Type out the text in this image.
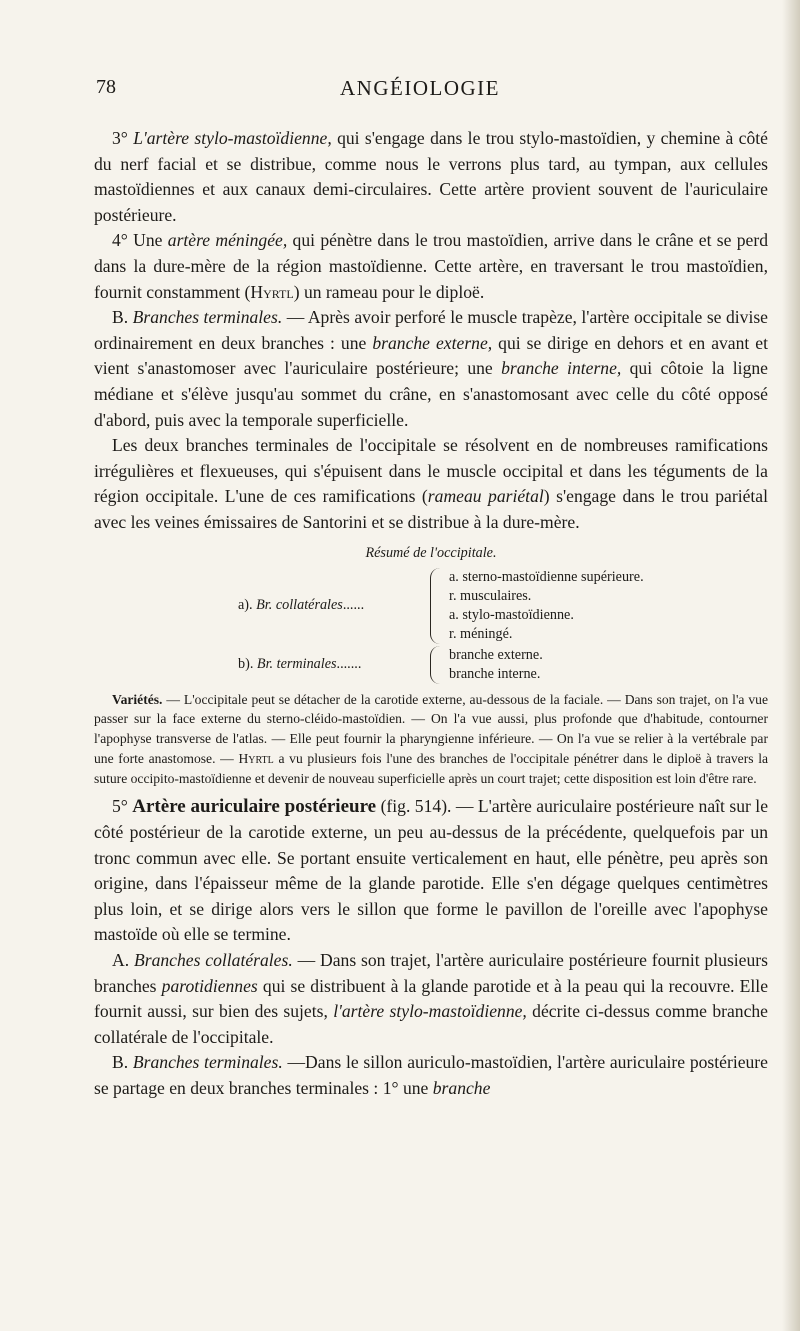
78	ANGÉIOLOGIE

3° L'artère stylo-mastoïdienne, qui s'engage dans le trou stylo-mastoïdien, y chemine à côté du nerf facial et se distribue, comme nous le verrons plus tard, au tympan, aux cellules mastoïdiennes et aux canaux demi-circulaires. Cette artère provient souvent de l'auriculaire postérieure.

4° Une artère méningée, qui pénètre dans le trou mastoïdien, arrive dans le crâne et se perd dans la dure-mère de la région mastoïdienne. Cette artère, en traversant le trou mastoïdien, fournit constamment (Hyrtl) un rameau pour le diploë.

B. Branches terminales. — Après avoir perforé le muscle trapèze, l'artère occipitale se divise ordinairement en deux branches : une branche externe, qui se dirige en dehors et en avant et vient s'anastomoser avec l'auriculaire postérieure; une branche interne, qui côtoie la ligne médiane et s'élève jusqu'au sommet du crâne, en s'anastomosant avec celle du côté opposé d'abord, puis avec la temporale superficielle.

Les deux branches terminales de l'occipitale se résolvent en de nombreuses ramifications irrégulières et flexueuses, qui s'épuisent dans le muscle occipital et dans les téguments de la région occipitale. L'une de ces ramifications (rameau pariétal) s'engage dans le trou pariétal avec les veines émissaires de Santorini et se distribue à la dure-mère.

Résumé de l'occipitale.
a). Br. collatérales......
a. sterno-mastoïdienne supérieure.
r. musculaires.
a. stylo-mastoïdienne.
r. méningé.
b). Br. terminales.......
branche externe.
branche interne.

Variétés. — L'occipitale peut se détacher de la carotide externe, au-dessous de la faciale. — Dans son trajet, on l'a vue passer sur la face externe du sterno-cléido-mastoïdien. — On l'a vue aussi, plus profonde que d'habitude, contourner l'apophyse transverse de l'atlas. — Elle peut fournir la pharyngienne inférieure. — On l'a vue se relier à la vertébrale par une forte anastomose. — Hyrtl a vu plusieurs fois l'une des branches de l'occipitale pénétrer dans le diploë à travers la suture occipito-mastoïdienne et devenir de nouveau superficielle après un court trajet; cette disposition est loin d'être rare.

5° Artère auriculaire postérieure (fig. 514). — L'artère auriculaire postérieure naît sur le côté postérieur de la carotide externe, un peu au-dessus de la précédente, quelquefois par un tronc commun avec elle. Se portant ensuite verticalement en haut, elle pénètre, peu après son origine, dans l'épaisseur même de la glande parotide. Elle s'en dégage quelques centimètres plus loin, et se dirige alors vers le sillon que forme le pavillon de l'oreille avec l'apophyse mastoïde où elle se termine.

A. Branches collatérales. — Dans son trajet, l'artère auriculaire postérieure fournit plusieurs branches parotidiennes qui se distribuent à la glande parotide et à la peau qui la recouvre. Elle fournit aussi, sur bien des sujets, l'artère stylo-mastoïdienne, décrite ci-dessus comme branche collatérale de l'occipitale.

B. Branches terminales. —Dans le sillon auriculo-mastoïdien, l'artère auriculaire postérieure se partage en deux branches terminales : 1° une branche
